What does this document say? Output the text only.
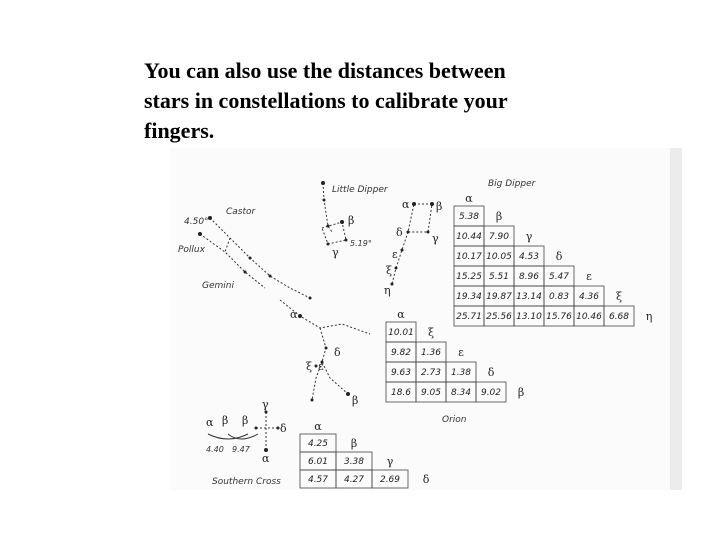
You can also use the distances between
stars in constellations to calibrate your
fingers.
Little Dipper
5.19°
β
γ
Castor
Pollux
4.50°
Gemini
α β
γ
δ
ε
ξ
η
α
δ
ξ ε
β
α β β
γ
δ
α
4.40 9.47
Southern Cross
α
5.38 β
10.44 7.90 γ
10.17 10.05 4.53 δ
15.25 5.51 8.96 5.47 ε
19.34 19.87 13.14 0.83 4.36 ξ
25.71 25.56 13.10 15.76 10.46 6.68 η
α
10.01 ξ
9.82 1.36 ε
9.63 2.73 1.38 δ
18.6 9.05 8.34 9.02 β
α
4.25 β
6.01 3.38 γ
4.57 4.27 2.69 δ
Big Dipper
Orion
